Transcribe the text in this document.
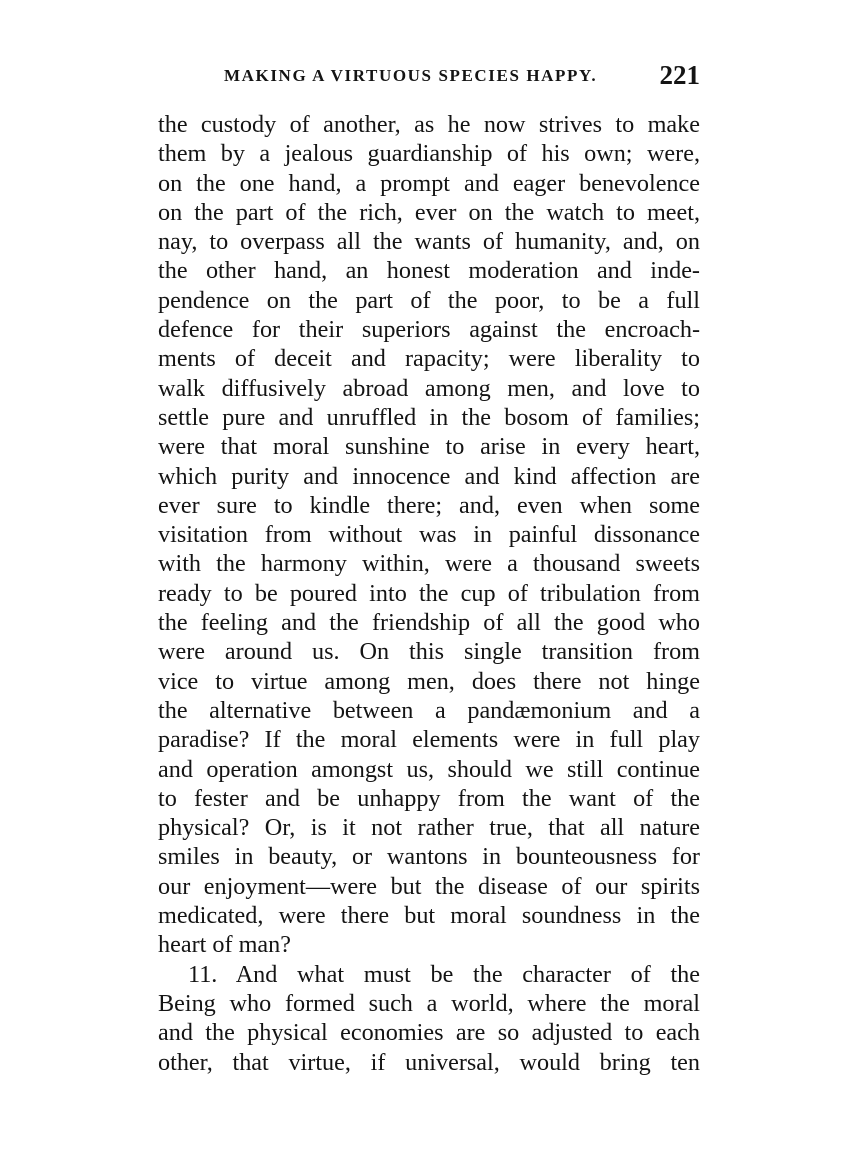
MAKING A VIRTUOUS SPECIES HAPPY. 221
the custody of another, as he now strives to make
them by a jealous guardianship of his own; were,
on the one hand, a prompt and eager benevolence
on the part of the rich, ever on the watch to meet,
nay, to overpass all the wants of humanity, and, on
the other hand, an honest moderation and inde-
pendence on the part of the poor, to be a full
defence for their superiors against the encroach-
ments of deceit and rapacity; were liberality to
walk diffusively abroad among men, and love to
settle pure and unruffled in the bosom of families;
were that moral sunshine to arise in every heart,
which purity and innocence and kind affection are
ever sure to kindle there; and, even when some
visitation from without was in painful dissonance
with the harmony within, were a thousand sweets
ready to be poured into the cup of tribulation from
the feeling and the friendship of all the good who
were around us. On this single transition from
vice to virtue among men, does there not hinge
the alternative between a pandæmonium and a
paradise? If the moral elements were in full play
and operation amongst us, should we still continue
to fester and be unhappy from the want of the
physical? Or, is it not rather true, that all nature
smiles in beauty, or wantons in bounteousness for
our enjoyment—were but the disease of our spirits
medicated, were there but moral soundness in the
heart of man?
11. And what must be the character of the
Being who formed such a world, where the moral
and the physical economies are so adjusted to each
other, that virtue, if universal, would bring ten
